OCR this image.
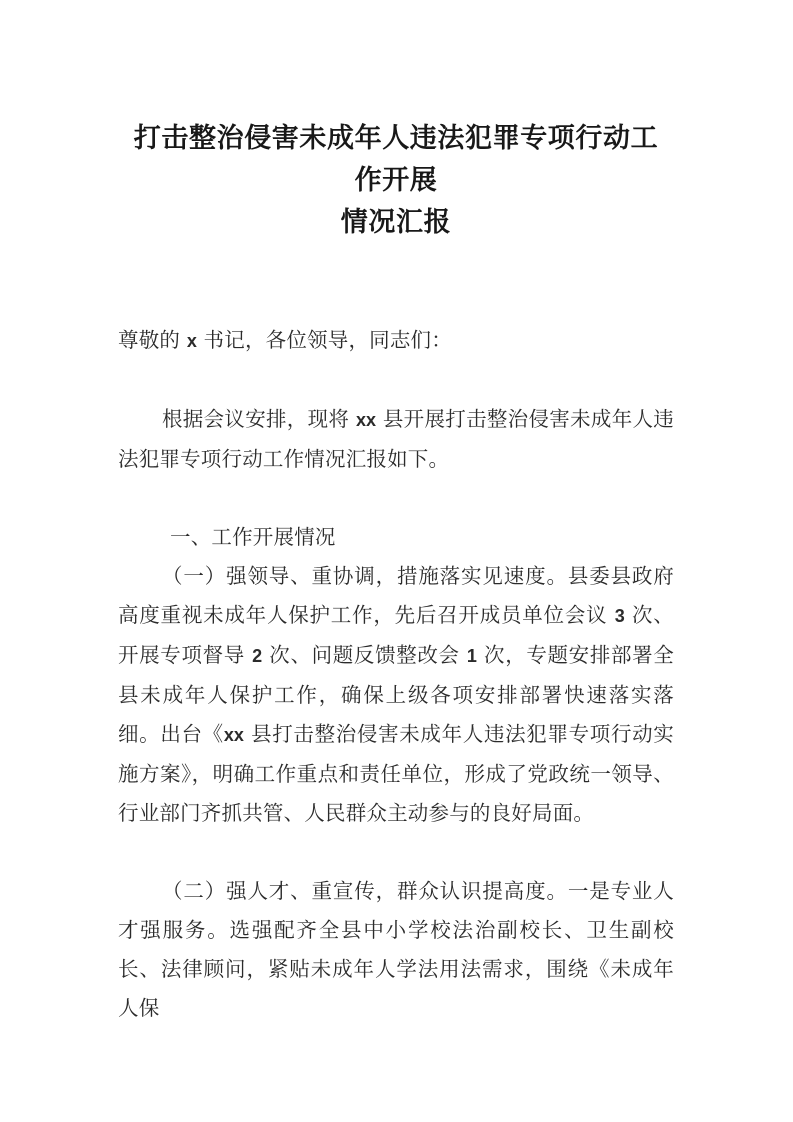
打击整治侵害未成年人违法犯罪专项行动工作开展
情况汇报

尊敬的 x 书记，各位领导，同志们：

根据会议安排，现将 xx 县开展打击整治侵害未成年人违法犯罪专项行动工作情况汇报如下。

一、工作开展情况

（一）强领导、重协调，措施落实见速度。县委县政府高度重视未成年人保护工作，先后召开成员单位会议 3 次、开展专项督导 2 次、问题反馈整改会 1 次，专题安排部署全县未成年人保护工作，确保上级各项安排部署快速落实落细。出台《xx 县打击整治侵害未成年人违法犯罪专项行动实施方案》，明确工作重点和责任单位，形成了党政统一领导、行业部门齐抓共管、人民群众主动参与的良好局面。

（二）强人才、重宣传，群众认识提高度。一是专业人才强服务。选强配齐全县中小学校法治副校长、卫生副校长、法律顾问，紧贴未成年人学法用法需求，围绕《未成年人保
